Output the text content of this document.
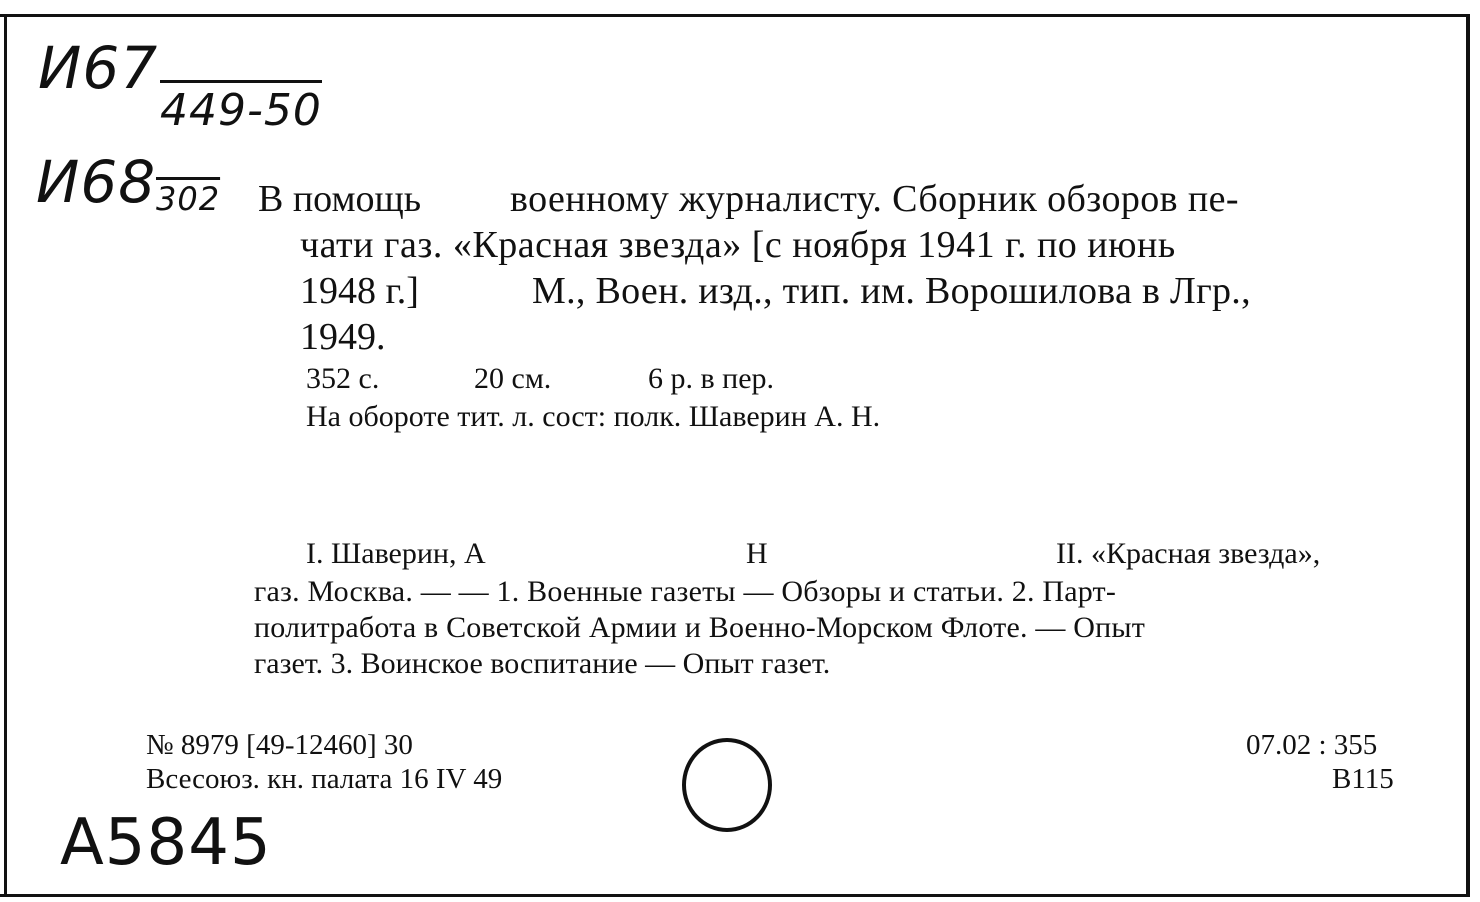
И67
449-50
И68 302
А5845
В помощь военному журналисту. Сборник обзоров пе-
чати газ. «Красная звезда» [с ноября 1941 г. по июнь
1948 г.]	М., Воен. изд., тип. им. Ворошилова в Лгр.,
1949.
352 с.	20 см.	6 р. в пер.
На обороте тит. л. сост: полк. Шаверин А. Н.
I. Шаверин, А	Н	II. «Красная звезда»,
газ. Москва. — — 1. Военные газеты — Обзоры и статьи. 2. Парт-
политработа в Советской Армии и Военно-Морском Флоте. — Опыт
газет. 3. Воинское воспитание — Опыт газет.
№ 8979 [49-12460] 30
Всесоюз. кн. палата 16 IV 49
07.02 : 355
В115
